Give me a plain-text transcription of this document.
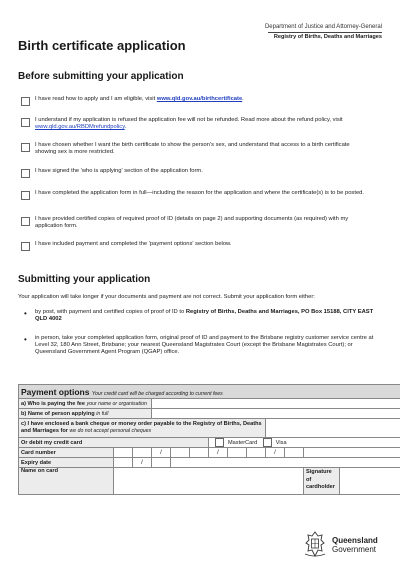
Department of Justice and Attorney-General
Registry of Births, Deaths and Marriages
Birth certificate application
Before submitting your application
I have read how to apply and I am eligible, visit www.qld.gov.au/birthcertificate.
I understand if my application is refused the application fee will not be refunded. Read more about the refund policy, visit www.qld.gov.au/RBDMrefundpolicy.
I have chosen whether I want the birth certificate to show the person's sex, and understand that access to a birth certificate showing sex is more restricted.
I have signed the 'who is applying' section of the application form.
I have completed the application form in full—including the reason for the application and where the certificate(s) is to be posted.
I have provided certified copies of required proof of ID (details on page 2) and supporting documents (as required) with my application form.
I have included payment and completed the 'payment options' section below.
Submitting your application
Your application will take longer if your documents and payment are not correct. Submit your application form either:
• by post, with payment and certified copies of proof of ID to Registry of Births, Deaths and Marriages, PO Box 15188, CITY EAST QLD 4002
• in person, take your completed application form, original proof of ID and payment to the Brisbane registry customer service centre at Level 32, 180 Ann Street, Brisbane; your nearest Queensland Magistrates Court (except the Brisbane Magistrates Court); or Queensland Government Agent Program (QGAP) office.
Payment options Your credit card will be charged according to current fees											
a) Who is paying the fee your name or organisation											
b) Name of person applying in full											
c) I have enclosed a bank cheque or money order payable to the Registry of Births, Deaths and Marriages for we do not accept personal cheques											
Or debit my credit card						MasterCard Visa					
Card number			/			/			/		
Expiry date		/									
Name on card											Signature of cardholder
Queensland
Government
